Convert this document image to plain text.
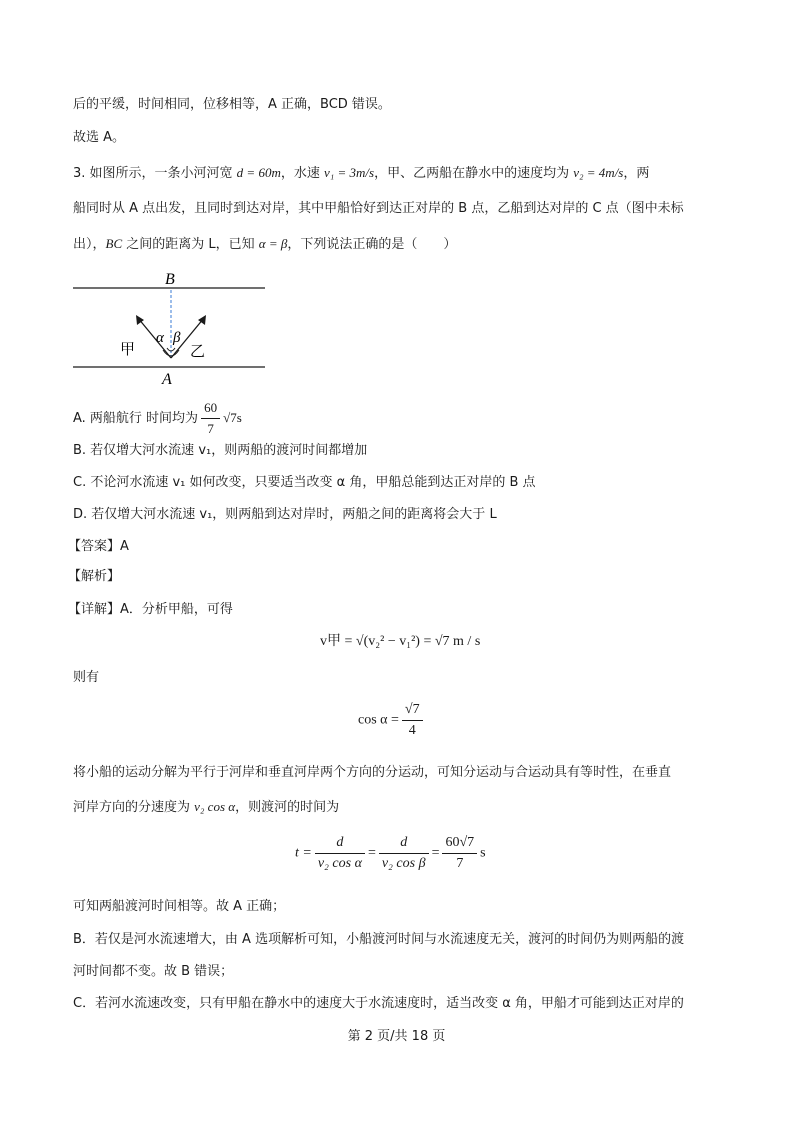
后的平缓，时间相同，位移相等，A 正确，BCD 错误。
故选 A。
3. 如图所示，一条小河河宽 d = 60m，水速 v₁ = 3m/s，甲、乙两船在静水中的速度均为 v₂ = 4m/s，两
船同时从 A 点出发，且同时到达对岸，其中甲船恰好到达正对岸的 B 点，乙船到达对岸的 C 点（图中未标
出），BC 之间的距离为 L，已知 α = β，下列说法正确的是（　　）
B
A
α β
甲	乙
A. 两船航行 时间均为 $\frac{60}{7} √7s$
B. 若仅增大河水流速 v₁，则两船的渡河时间都增加
C. 不论河水流速 v₁ 如何改变，只要适当改变 α 角，甲船总能到达正对岸的 B 点
D. 若仅增大河水流速 v₁，则两船到达对岸时，两船之间的距离将会大于 L
【答案】A
【解析】
【详解】A．分析甲船，可得
v甲 = √(v₂² − v₁²) = √7 m / s
则有
$\cos \alpha = \frac{√7}{4}$
将小船的运动分解为平行于河岸和垂直河岸两个方向的分运动，可知分运动与合运动具有等时性，在垂直
河岸方向的分速度为 v₂ cos α，则渡河的时间为
$t = \frac{d}{\text{v₂ cos α}} = \frac{d}{\text{v₂ cos β}} = \frac{60√7}{7}$ s
可知两船渡河时间相等。故 A 正确；
B．若仅是河水流速增大，由 A 选项解析可知，小船渡河时间与水流速度无关，渡河的时间仍为则两船的渡
河时间都不变。故 B 错误；
C．若河水流速改变，只有甲船在静水中的速度大于水流速度时，适当改变 α 角，甲船才可能到达正对岸的
第 2 页/共 18 页
